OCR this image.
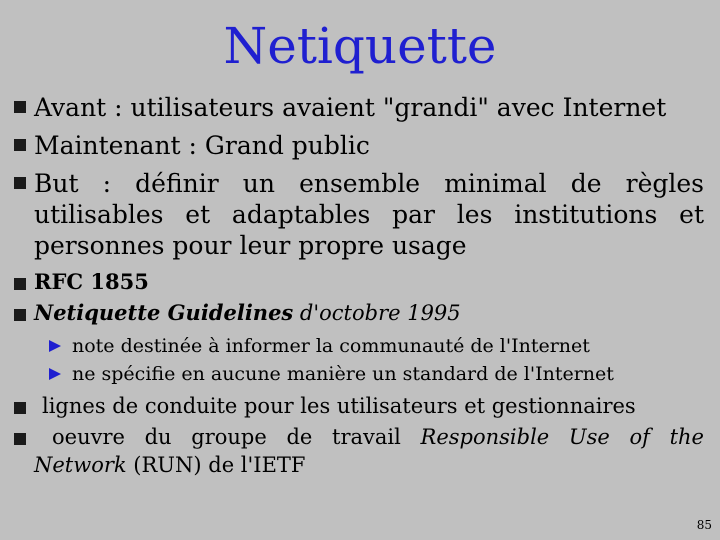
Netiquette
Avant : utilisateurs avaient "grandi" avec Internet
Maintenant : Grand public
But : définir un ensemble minimal de règles
utilisables et adaptables par les institutions et
personnes pour leur propre usage
RFC 1855
Netiquette Guidelines d'octobre 1995
note destinée à informer la communauté de l'Internet
ne spécifie en aucune manière un standard de l'Internet
lignes de conduite pour les utilisateurs et gestionnaires
oeuvre du groupe de travail Responsible Use of the
Network (RUN) de l'IETF
85
